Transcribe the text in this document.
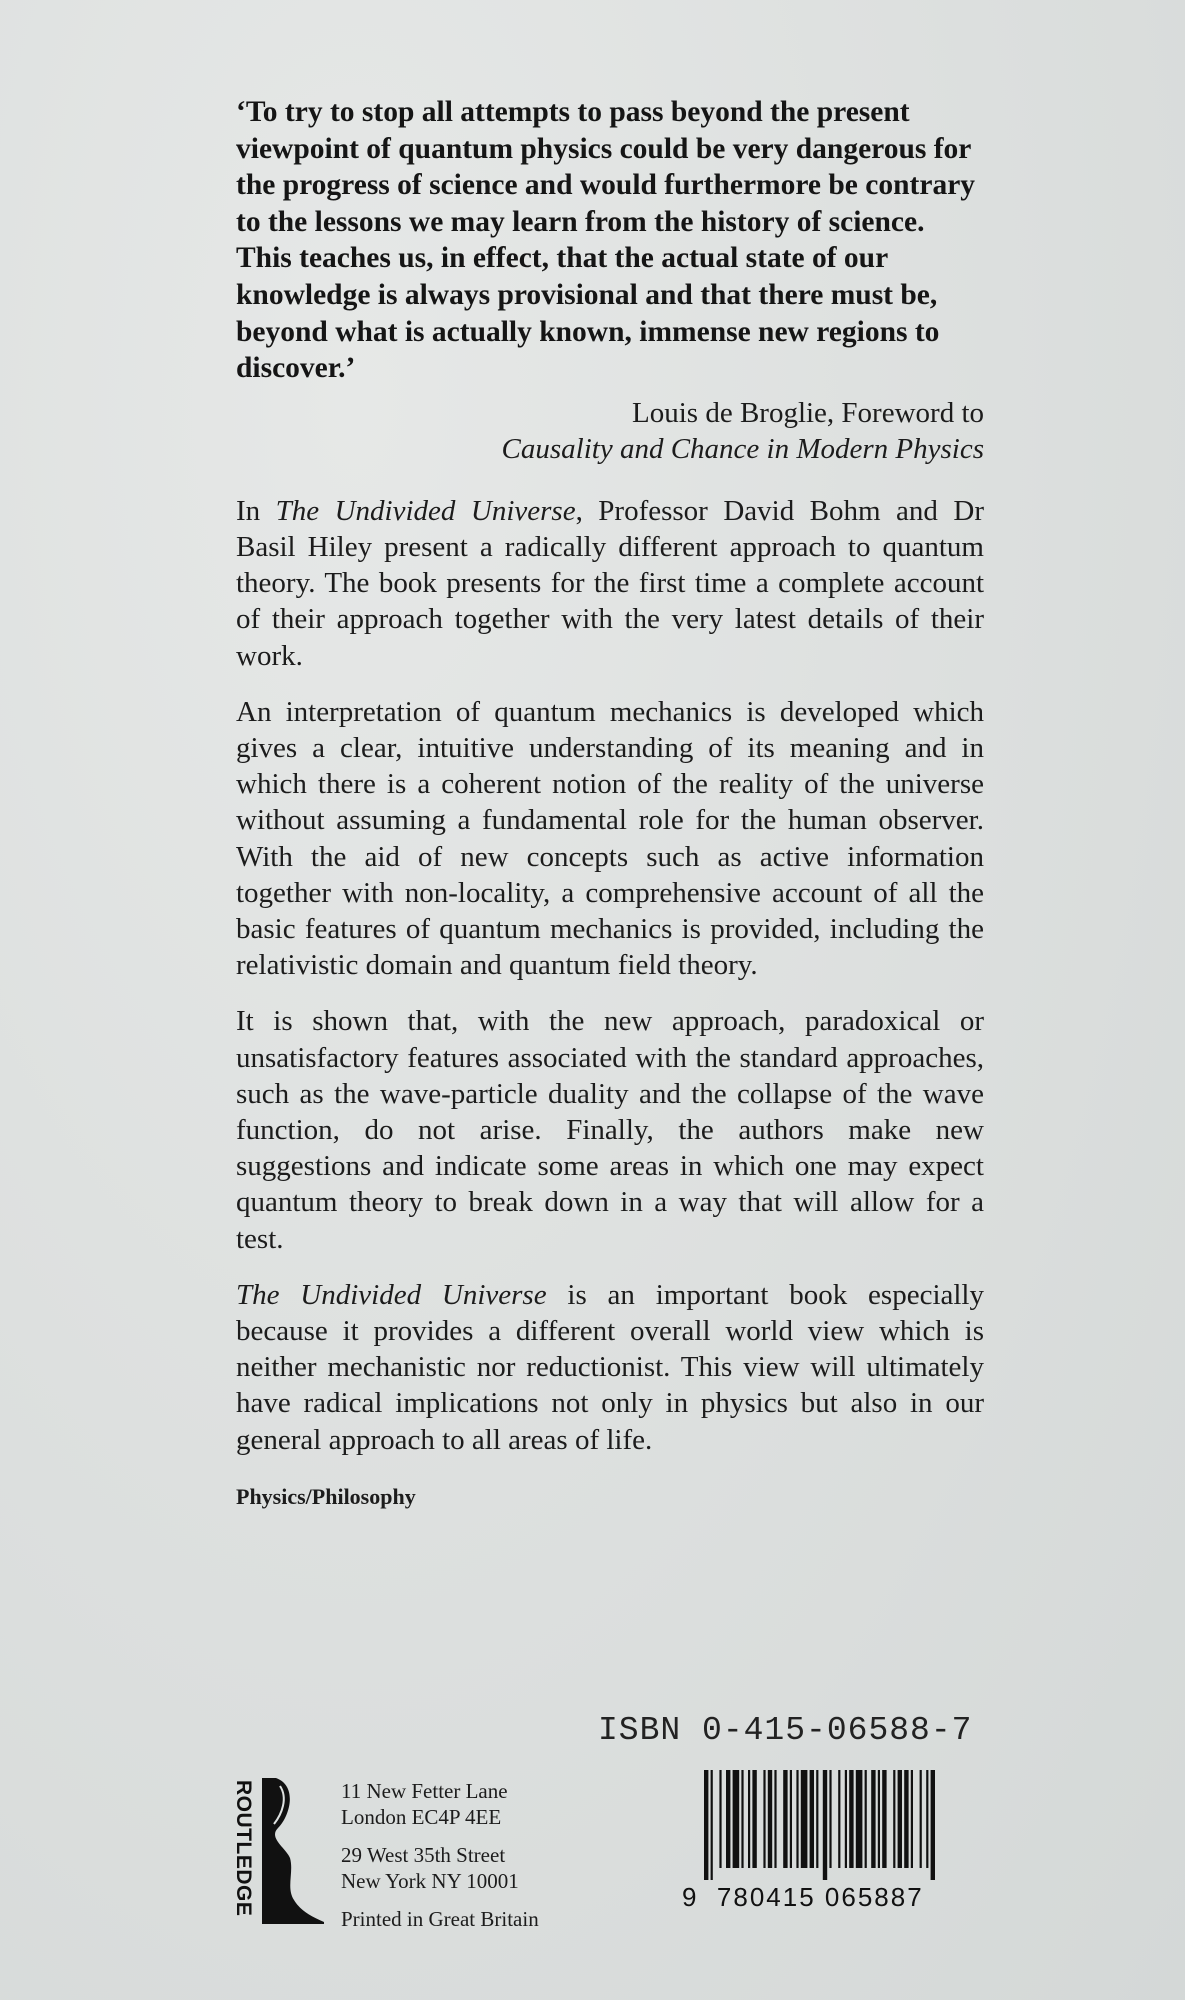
‘To try to stop all attempts to pass beyond the present viewpoint of quantum physics could be very dangerous for the progress of science and would furthermore be contrary to the lessons we may learn from the history of science. This teaches us, in effect, that the actual state of our knowledge is always provisional and that there must be, beyond what is actually known, immense new regions to discover.’

Louis de Broglie, Foreword to
Causality and Chance in Modern Physics

In The Undivided Universe, Professor David Bohm and Dr Basil Hiley present a radically different approach to quantum theory. The book presents for the first time a complete account of their approach together with the very latest details of their work.

An interpretation of quantum mechanics is developed which gives a clear, intuitive understanding of its meaning and in which there is a coherent notion of the reality of the universe without assuming a fundamental role for the human observer. With the aid of new concepts such as active information together with non-locality, a comprehensive account of all the basic features of quantum mechanics is provided, including the relativistic domain and quantum field theory.

It is shown that, with the new approach, paradoxical or unsatisfactory features associated with the standard approaches, such as the wave-particle duality and the collapse of the wave function, do not arise. Finally, the authors make new suggestions and indicate some areas in which one may expect quantum theory to break down in a way that will allow for a test.

The Undivided Universe is an important book especially because it provides a different overall world view which is neither mechanistic nor reductionist. This view will ultimately have radical implications not only in physics but also in our general approach to all areas of life.

Physics/Philosophy
ROUTLEDGE	11 New Fetter Lane
London EC4P 4EE
29 West 35th Street
New York NY 10001
Printed in Great Britain
ISBN 0-415-06588-7
9 780415 065887
